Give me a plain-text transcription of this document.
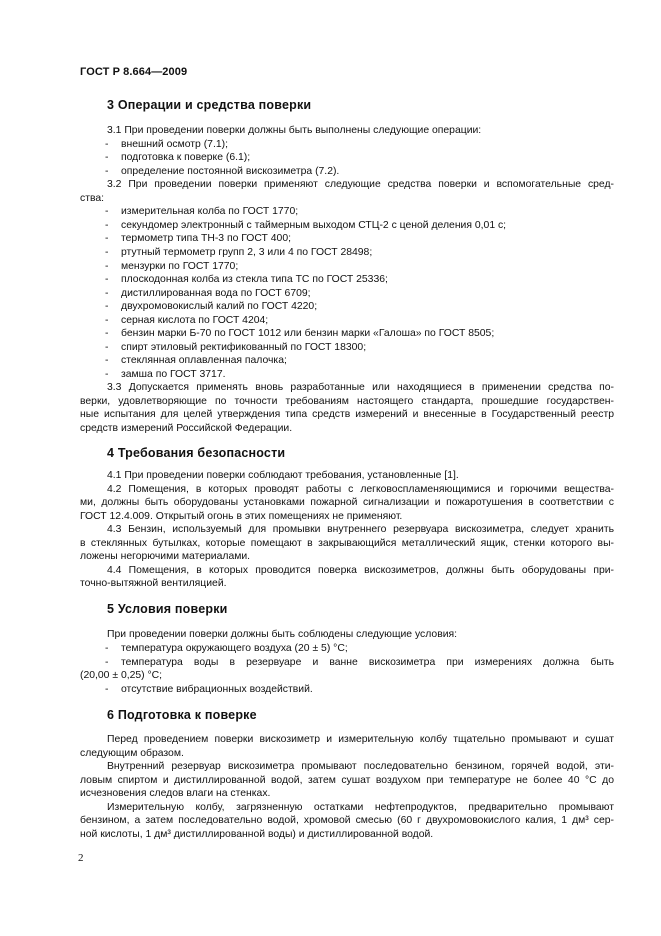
ГОСТ Р 8.664—2009
3 Операции и средства поверки
3.1 При проведении поверки должны быть выполнены следующие операции:
- внешний осмотр (7.1);
- подготовка к поверке (6.1);
- определение постоянной вискозиметра (7.2).
3.2 При проведении поверки применяют следующие средства поверки и вспомогательные сред-
ства:
- измерительная колба по ГОСТ 1770;
- секундомер электронный с таймерным выходом СТЦ-2 с ценой деления 0,01 с;
- термометр типа ТН-3 по ГОСТ 400;
- ртутный термометр групп 2, 3 или 4 по ГОСТ 28498;
- мензурки по ГОСТ 1770;
- плоскодонная колба из стекла типа ТС по ГОСТ 25336;
- дистиллированная вода по ГОСТ 6709;
- двухромовокислый калий по ГОСТ 4220;
- серная кислота по ГОСТ 4204;
- бензин марки Б-70 по ГОСТ 1012 или бензин марки «Галоша» по ГОСТ 8505;
- спирт этиловый ректификованный по ГОСТ 18300;
- стеклянная оплавленная палочка;
- замша по ГОСТ 3717.
3.3 Допускается применять вновь разработанные или находящиеся в применении средства по-
верки, удовлетворяющие по точности требованиям настоящего стандарта, прошедшие государствен-
ные испытания для целей утверждения типа средств измерений и внесенные в Государственный реестр
средств измерений Российской Федерации.
4 Требования безопасности
4.1 При проведении поверки соблюдают требования, установленные [1].
4.2 Помещения, в которых проводят работы с легковоспламеняющимися и горючими вещества-
ми, должны быть оборудованы установками пожарной сигнализации и пожаротушения в соответствии с
ГОСТ 12.4.009. Открытый огонь в этих помещениях не применяют.
4.3 Бензин, используемый для промывки внутреннего резервуара вискозиметра, следует хранить
в стеклянных бутылках, которые помещают в закрывающийся металлический ящик, стенки которого вы-
ложены негорючими материалами.
4.4 Помещения, в которых проводится поверка вискозиметров, должны быть оборудованы при-
точно-вытяжной вентиляцией.
5 Условия поверки
При проведении поверки должны быть соблюдены следующие условия:
- температура окружающего воздуха (20 ± 5) °С;
- температура воды в резервуаре и ванне вискозиметра при измерениях должна быть
(20,00 ± 0,25) °С;
- отсутствие вибрационных воздействий.
6 Подготовка к поверке
Перед проведением поверки вискозиметр и измерительную колбу тщательно промывают и сушат
следующим образом.
Внутренний резервуар вискозиметра промывают последовательно бензином, горячей водой, эти-
ловым спиртом и дистиллированной водой, затем сушат воздухом при температуре не более 40 °С до
исчезновения следов влаги на стенках.
Измерительную колбу, загрязненную остатками нефтепродуктов, предварительно промывают
бензином, а затем последовательно водой, хромовой смесью (60 г двухромовокислого калия, 1 дм³ сер-
ной кислоты, 1 дм³ дистиллированной воды) и дистиллированной водой.
2
